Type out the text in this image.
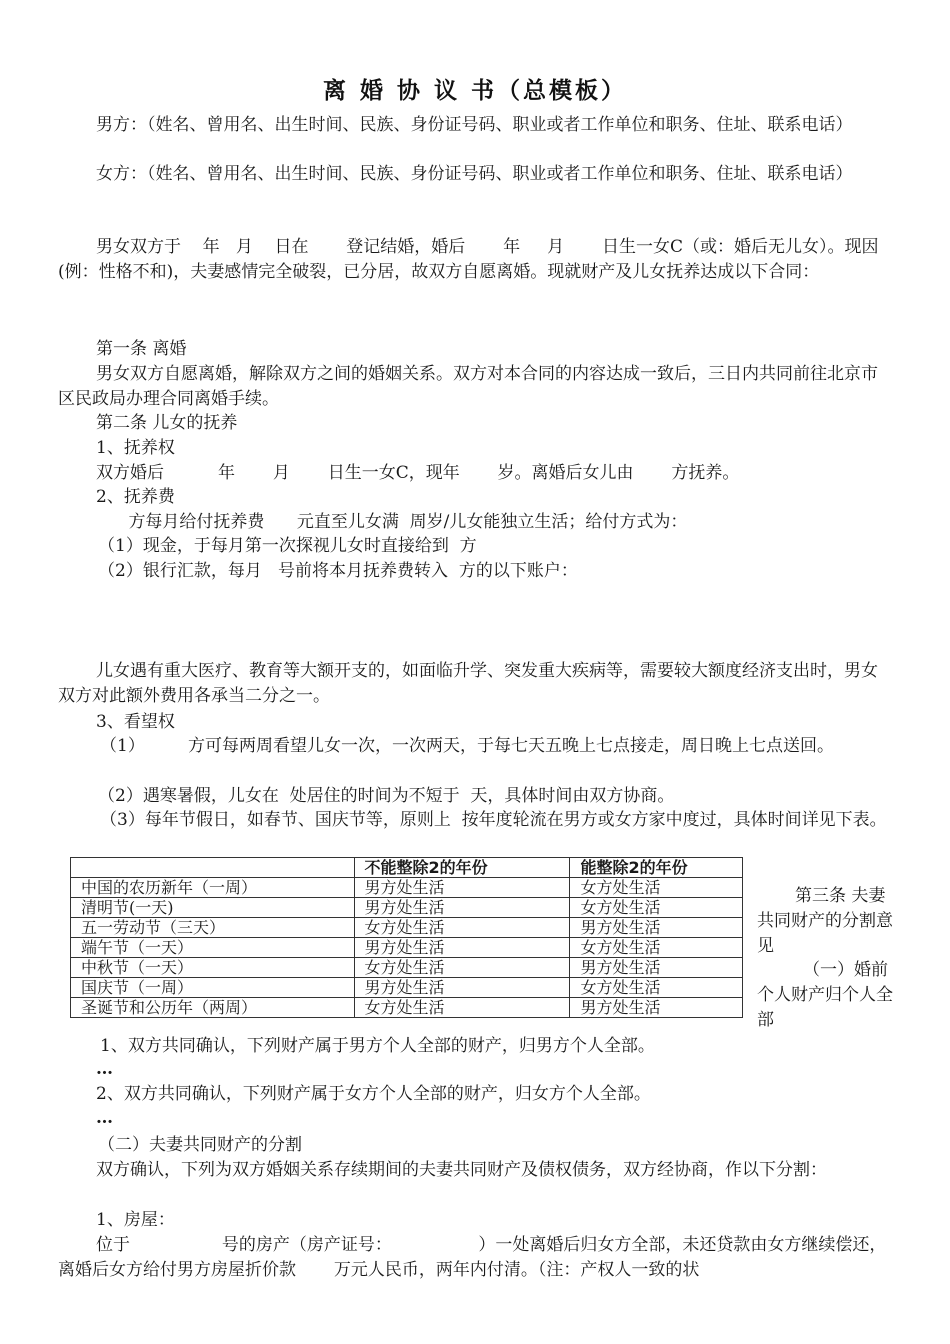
离 婚 协 议 书（总模板）
男方：（姓名、曾用名、出生时间、民族、身份证号码、职业或者工作单位和职务、住址、联系电话）
女方：（姓名、曾用名、出生时间、民族、身份证号码、职业或者工作单位和职务、住址、联系电话）
男女双方于    年   月    日在       登记结婚，婚后       年     月       日生一女C（或：婚后无儿女）。现因     (例：性格不和)，夫妻感情完全破裂，已分居，故双方自愿离婚。现就财产及儿女抚养达成以下合同：
第一条 离婚
男女双方自愿离婚，解除双方之间的婚姻关系。双方对本合同的内容达成一致后，三日内共同前往北京市            区民政局办理合同离婚手续。
第二条 儿女的抚养
1、抚养权
双方婚后          年       月       日生一女C，现年       岁。离婚后女儿由       方抚养。
2、抚养费
方每月给付抚养费      元直至儿女满  周岁/儿女能独立生活；给付方式为：
（1）现金，于每月第一次探视儿女时直接给到  方
（2）银行汇款，每月   号前将本月抚养费转入  方的以下账户：
儿女遇有重大医疗、教育等大额开支的，如面临升学、突发重大疾病等，需要较大额度经济支出时，男女双方对此额外费用各承当二分之一。
3、看望权
（1）        方可每两周看望儿女一次，一次两天，于每七天五晚上七点接走，周日晚上七点送回。
（2）遇寒暑假，儿女在  处居住的时间为不短于  天，具体时间由双方协商。
（3）每年节假日，如春节、国庆节等，原则上  按年度轮流在男方或女方家中度过，具体时间详见下表。
	不能整除2的年份	能整除2的年份
中国的农历新年（一周）	男方处生活	女方处生活
清明节(一天)	男方处生活	女方处生活
五一劳动节（三天）	女方处生活	男方处生活
端午节（一天）	男方处生活	女方处生活
中秋节（一天）	女方处生活	男方处生活
国庆节（一周）	男方处生活	女方处生活
圣诞节和公历年（两周）	女方处生活	男方处生活
第三条 夫妻共同财产的分割意见
（一）婚前个人财产归个人全部
1、双方共同确认，下列财产属于男方个人全部的财产，归男方个人全部。
…
2、双方共同确认，下列财产属于女方个人全部的财产，归女方个人全部。
…
（二）夫妻共同财产的分割
双方确认，下列为双方婚姻关系存续期间的夫妻共同财产及债权债务，双方经协商，作以下分割：
1、房屋：
位于                 号的房产（房产证号：                ）一处离婚后归女方全部，未还贷款由女方继续偿还，离婚后女方给付男方房屋折价款       万元人民币，两年内付清。（注：产权人一致的状
